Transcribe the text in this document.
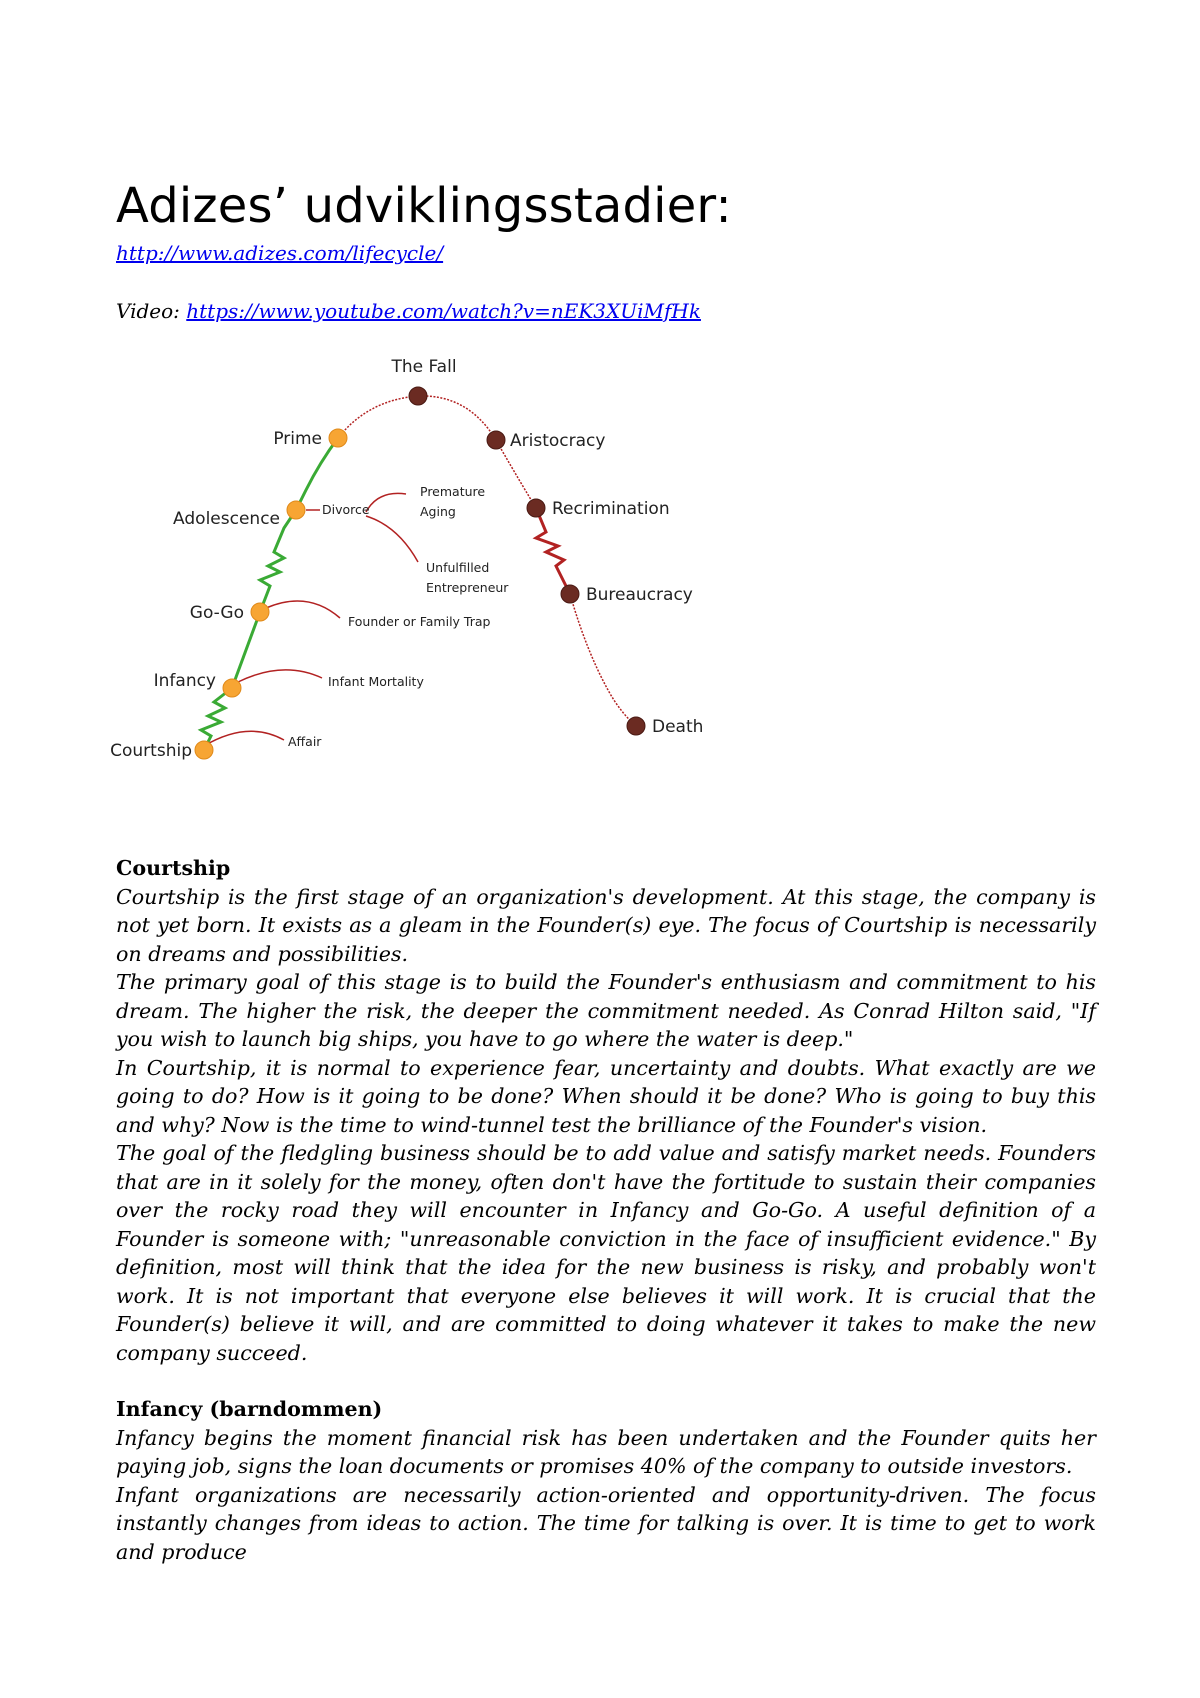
Adizes’ udviklingsstadier:
http://www.adizes.com/lifecycle/
Video: https://www.youtube.com/watch?v=nEK3XUiMfHk
Courtship
Infancy
Go-Go
Adolescence
Prime
The Fall
Aristocracy
Recrimination
Bureaucracy
Death
Affair
Infant Mortality
Founder or Family Trap
Divorce
Premature
Aging
Unfulfilled
Entrepreneur
Courtship

Courtship is the first stage of an organization's development. At this stage, the company is not yet born. It exists as a gleam in the Founder(s) eye. The focus of Courtship is necessarily on dreams and possibilities.

The primary goal of this stage is to build the Founder's enthusiasm and commitment to his dream. The higher the risk, the deeper the commitment needed. As Conrad Hilton said, "If you wish to launch big ships, you have to go where the water is deep."

In Courtship, it is normal to experience fear, uncertainty and doubts. What exactly are we going to do? How is it going to be done? When should it be done? Who is going to buy this and why? Now is the time to wind-tunnel test the brilliance of the Founder's vision.

The goal of the fledgling business should be to add value and satisfy market needs. Founders that are in it solely for the money, often don't have the fortitude to sustain their companies over the rocky road they will encounter in Infancy and Go-Go. A useful definition of a Founder is someone with; "unreasonable conviction in the face of insufficient evidence." By definition, most will think that the idea for the new business is risky, and probably won't work. It is not important that everyone else believes it will work. It is crucial that the Founder(s) believe it will, and are committed to doing whatever it takes to make the new company succeed.

Infancy (barndommen)

Infancy begins the moment financial risk has been undertaken and the Founder quits her paying job, signs the loan documents or promises 40% of the company to outside investors.

Infant organizations are necessarily action-oriented and opportunity-driven. The focus instantly changes from ideas to action. The time for talking is over. It is time to get to work and produce
